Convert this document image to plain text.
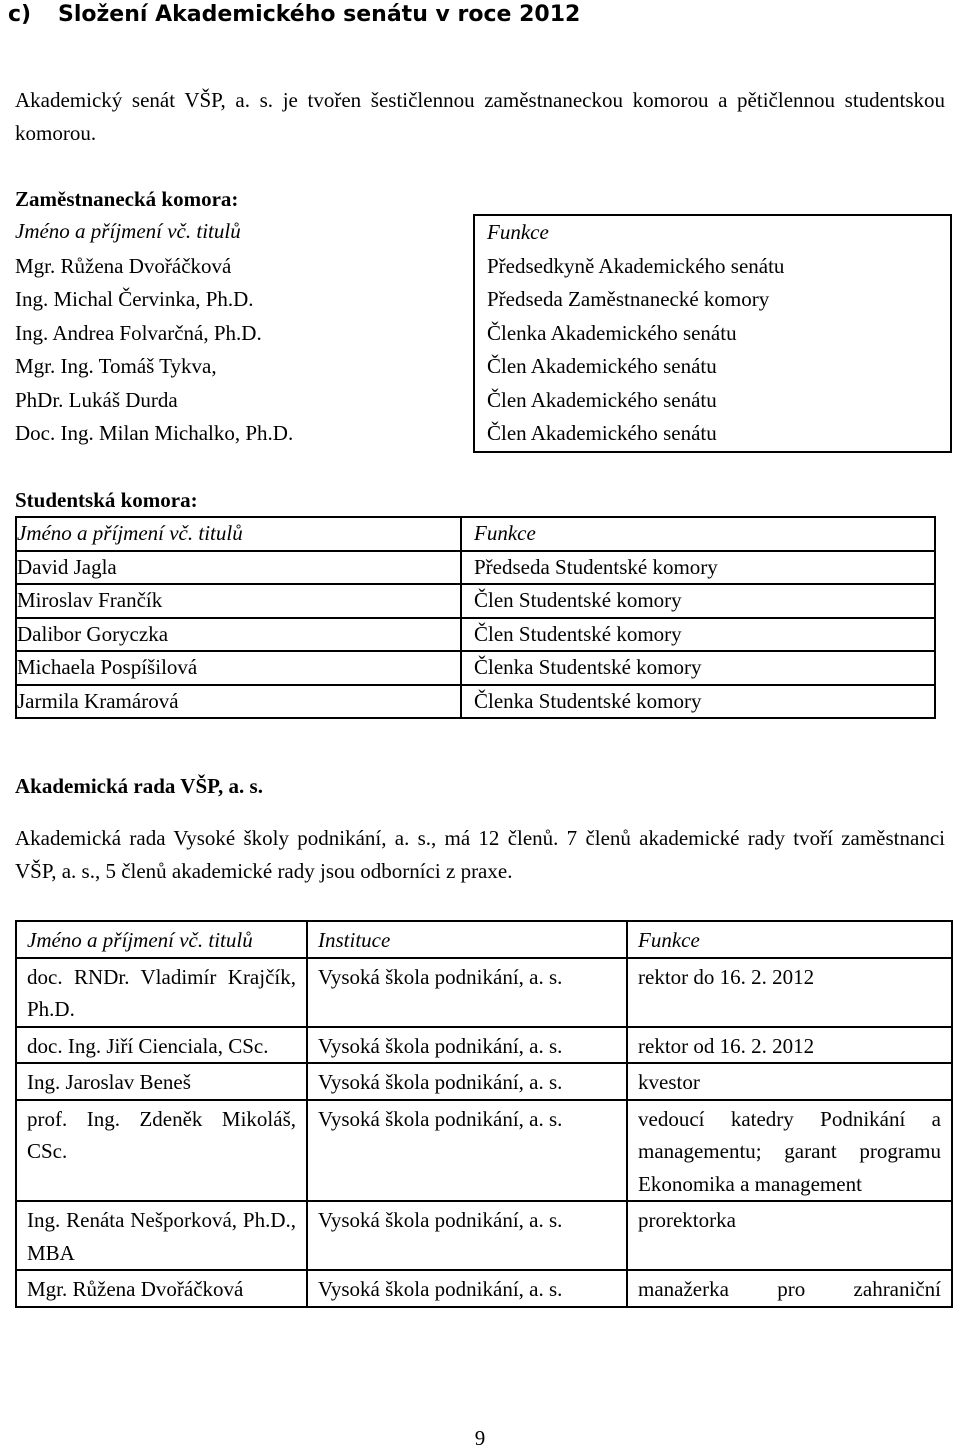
c) Složení Akademického senátu v roce 2012

Akademický senát VŠP, a. s. je tvořen šestičlennou zaměstnaneckou komorou a pětičlennou studentskou komorou.

Zaměstnanecká komora:

Jméno a příjmení vč. titulů	Funkce
Mgr. Růžena Dvořáčková	Předsedkyně Akademického senátu
Ing. Michal Červinka, Ph.D.	Předseda Zaměstnanecké komory
Ing. Andrea Folvarčná, Ph.D.	Členka Akademického senátu
Mgr. Ing. Tomáš Tykva,	Člen Akademického senátu
PhDr. Lukáš Durda	Člen Akademického senátu
Doc. Ing. Milan Michalko, Ph.D.	Člen Akademického senátu

Studentská komora:

Jméno a příjmení vč. titulů	Funkce
David Jagla	Předseda Studentské komory
Miroslav Frančík	Člen Studentské komory
Dalibor Goryczka	Člen Studentské komory
Michaela Pospíšilová	Členka Studentské komory
Jarmila Kramárová	Členka Studentské komory

Akademická rada VŠP, a. s.

Akademická rada Vysoké školy podnikání, a. s., má 12 členů. 7 členů akademické rady tvoří zaměstnanci VŠP, a. s., 5 členů akademické rady jsou odborníci z praxe.

Jméno a příjmení vč. titulů	Instituce	Funkce
doc. RNDr. Vladimír Krajčík, Ph.D.	Vysoká škola podnikání, a. s.	rektor do 16. 2. 2012
doc. Ing. Jiří Cienciala, CSc.	Vysoká škola podnikání, a. s.	rektor od 16. 2. 2012
Ing. Jaroslav Beneš	Vysoká škola podnikání, a. s.	kvestor
prof. Ing. Zdeněk Mikoláš, CSc.	Vysoká škola podnikání, a. s.	vedoucí katedry Podnikání a managementu; garant programu Ekonomika a management
Ing. Renáta Nešporková, Ph.D., MBA	Vysoká škola podnikání, a. s.	prorektorka
Mgr. Růžena Dvořáčková	Vysoká škola podnikání, a. s.	manažerka pro zahraniční
9
